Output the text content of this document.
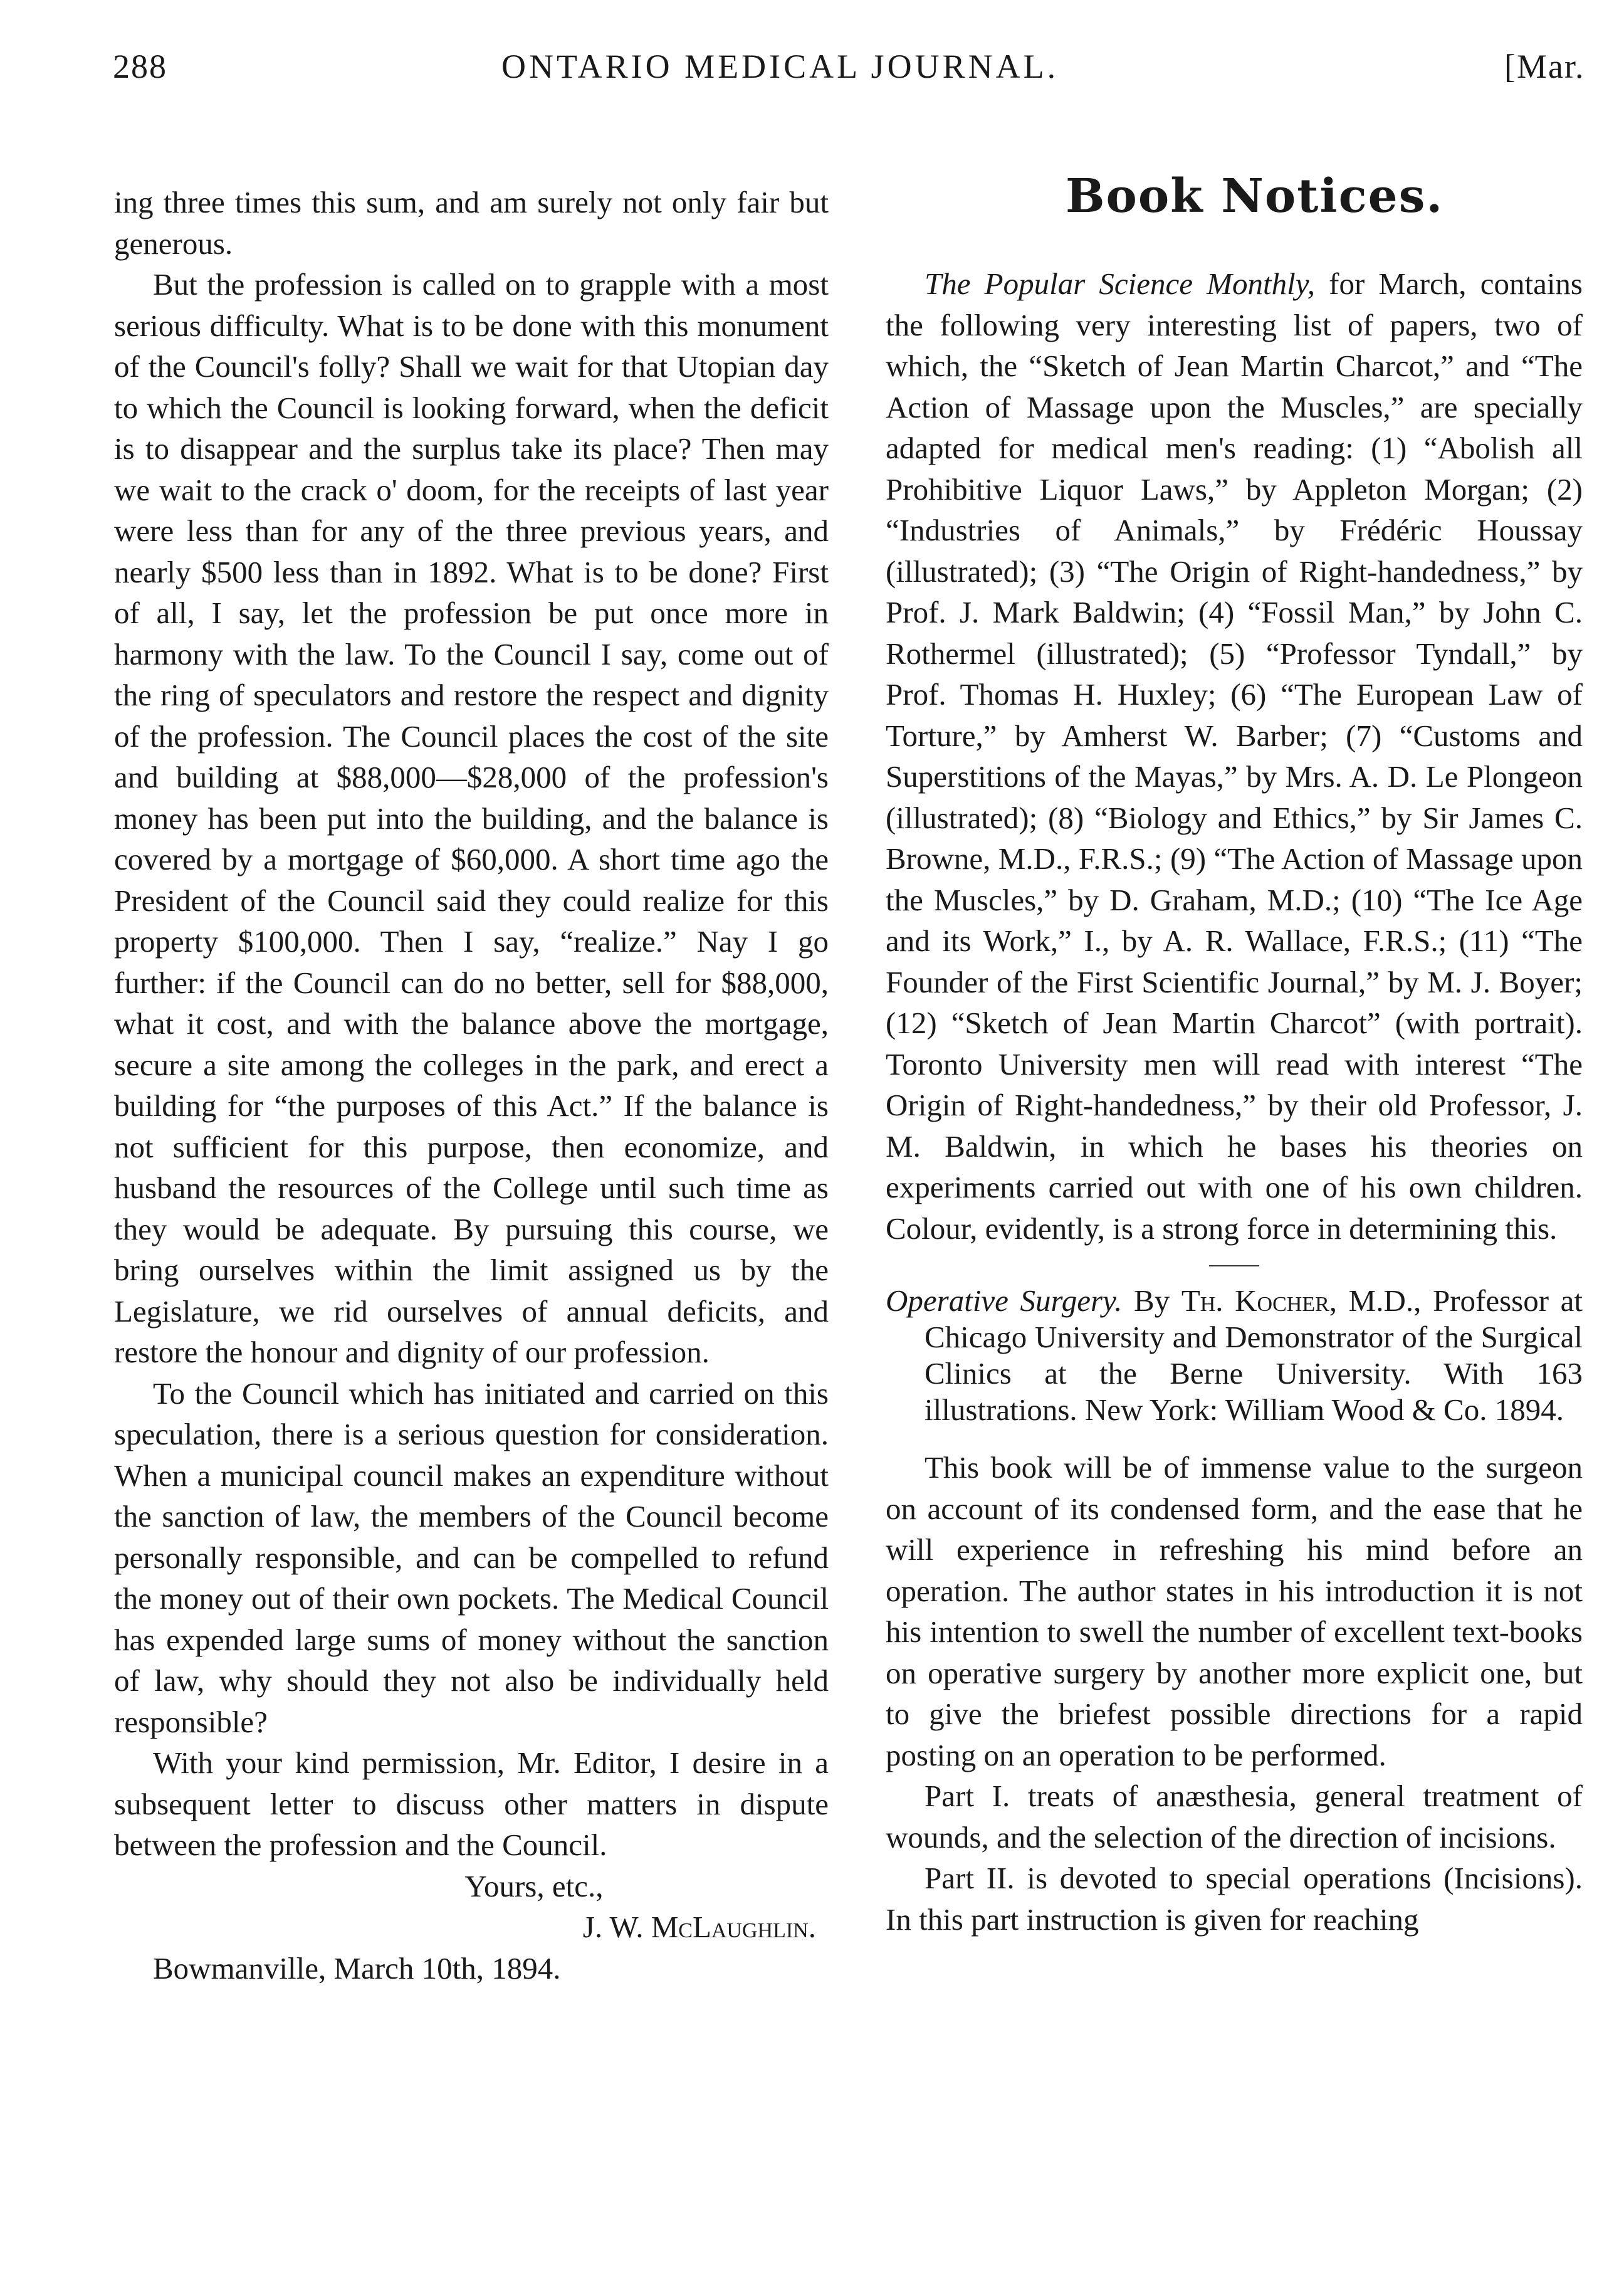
288	ONTARIO MEDICAL JOURNAL.	[Mar.

ing three times this sum, and am surely not only fair but generous.

But the profession is called on to grapple with a most serious difficulty. What is to be done with this monument of the Council's folly? Shall we wait for that Utopian day to which the Council is looking forward, when the deficit is to disappear and the surplus take its place? Then may we wait to the crack o' doom, for the receipts of last year were less than for any of the three previous years, and nearly $500 less than in 1892. What is to be done? First of all, I say, let the profession be put once more in harmony with the law. To the Council I say, come out of the ring of speculators and restore the respect and dignity of the profession. The Council places the cost of the site and building at $88,000—$28,000 of the profession's money has been put into the building, and the balance is covered by a mortgage of $60,000. A short time ago the President of the Council said they could realize for this property $100,000. Then I say, “realize.” Nay I go further: if the Council can do no better, sell for $88,000, what it cost, and with the balance above the mortgage, secure a site among the colleges in the park, and erect a building for “the purposes of this Act.” If the balance is not sufficient for this purpose, then economize, and husband the resources of the College until such time as they would be adequate. By pursuing this course, we bring ourselves within the limit assigned us by the Legislature, we rid ourselves of annual deficits, and restore the honour and dignity of our profession.

To the Council which has initiated and carried on this speculation, there is a serious question for consideration. When a municipal council makes an expenditure without the sanction of law, the members of the Council become personally responsible, and can be compelled to refund the money out of their own pockets. The Medical Council has expended large sums of money without the sanction of law, why should they not also be individually held responsible?

With your kind permission, Mr. Editor, I desire in a subsequent letter to discuss other matters in dispute between the profession and the Council.

Yours, etc.,

J. W. McLaughlin.

Bowmanville, March 10th, 1894.

Book Notices.

The Popular Science Monthly, for March, contains the following very interesting list of papers, two of which, the “Sketch of Jean Martin Charcot,” and “The Action of Massage upon the Muscles,” are specially adapted for medical men's reading: (1) “Abolish all Prohibitive Liquor Laws,” by Appleton Morgan; (2) “Industries of Animals,” by Frédéric Houssay (illustrated); (3) “The Origin of Right-handedness,” by Prof. J. Mark Baldwin; (4) “Fossil Man,” by John C. Rothermel (illustrated); (5) “Professor Tyndall,” by Prof. Thomas H. Huxley; (6) “The European Law of Torture,” by Amherst W. Barber; (7) “Customs and Superstitions of the Mayas,” by Mrs. A. D. Le Plongeon (illustrated); (8) “Biology and Ethics,” by Sir James C. Browne, M.D., F.R.S.; (9) “The Action of Massage upon the Muscles,” by D. Graham, M.D.; (10) “The Ice Age and its Work,” I., by A. R. Wallace, F.R.S.; (11) “The Founder of the First Scientific Journal,” by M. J. Boyer; (12) “Sketch of Jean Martin Charcot” (with portrait). Toronto University men will read with interest “The Origin of Right-handedness,” by their old Professor, J. M. Baldwin, in which he bases his theories on experiments carried out with one of his own children. Colour, evidently, is a strong force in determining this.

Operative Surgery. By Th. Kocher, M.D., Professor at Chicago University and Demonstrator of the Surgical Clinics at the Berne University. With 163 illustrations. New York: William Wood & Co. 1894.

This book will be of immense value to the surgeon on account of its condensed form, and the ease that he will experience in refreshing his mind before an operation. The author states in his introduction it is not his intention to swell the number of excellent text-books on operative surgery by another more explicit one, but to give the briefest possible directions for a rapid posting on an operation to be performed.

Part I. treats of anæsthesia, general treatment of wounds, and the selection of the direction of incisions.

Part II. is devoted to special operations (Incisions). In this part instruction is given for reaching
